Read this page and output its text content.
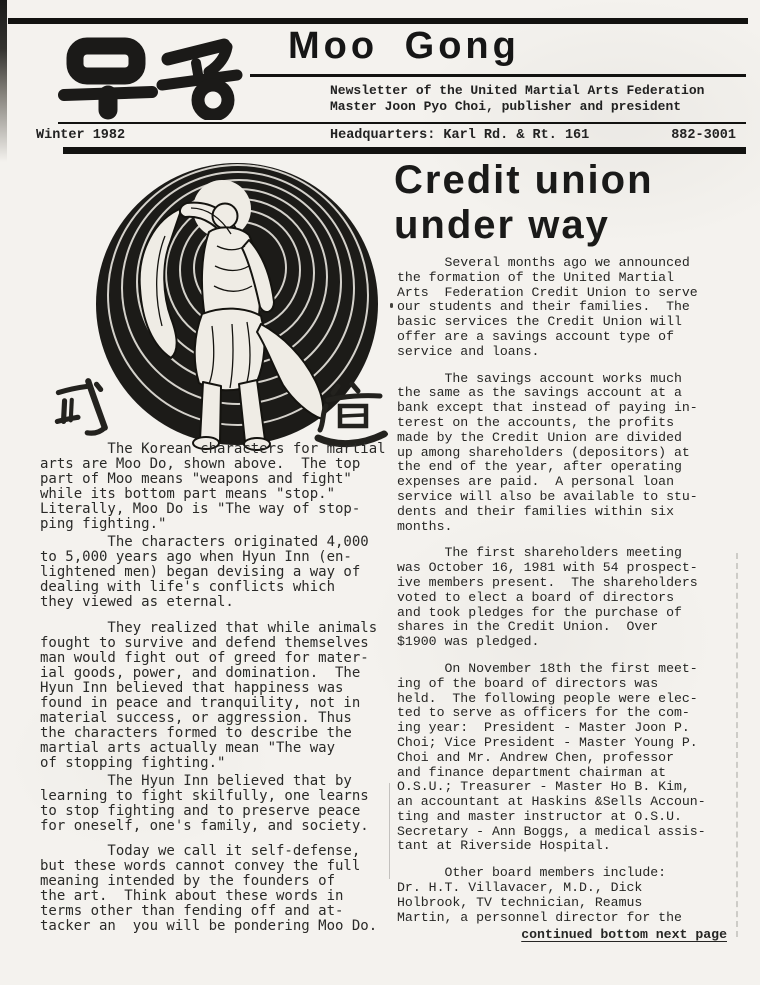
Moo Gong
Newsletter of the United Martial Arts Federation
Master Joon Pyo Choi, publisher and president
Winter 1982	Headquarters: Karl Rd. & Rt. 161	882-3001
Credit union
under way
Several months ago we announced
the formation of the United Martial
Arts  Federation Credit Union to serve
our students and their families.  The
basic services the Credit Union will
offer are a savings account type of
service and loans.
The savings account works much
the same as the savings account at a
bank except that instead of paying in-
terest on the accounts, the profits
made by the Credit Union are divided
up among shareholders (depositors) at
the end of the year, after operating
expenses are paid.  A personal loan
service will also be available to stu-
dents and their families within six
months.
The first shareholders meeting
was October 16, 1981 with 54 prospect-
ive members present.  The shareholders
voted to elect a board of directors
and took pledges for the purchase of
shares in the Credit Union.  Over
$1900 was pledged.
On November 18th the first meet-
ing of the board of directors was
held.  The following people were elec-
ted to serve as officers for the com-
ing year:  President - Master Joon P.
Choi; Vice President - Master Young P.
Choi and Mr. Andrew Chen, professor
and finance department chairman at
O.S.U.; Treasurer - Master Ho B. Kim,
an accountant at Haskins &Sells Accoun-
ting and master instructor at O.S.U.
Secretary - Ann Boggs, a medical assis-
tant at Riverside Hospital.
Other board members include:
Dr. H.T. Villavacer, M.D., Dick
Holbrook, TV technician, Reamus
Martin, a personnel director for the
continued bottom next page
The Korean characters for martial
arts are Moo Do, shown above.  The top
part of Moo means "weapons and fight"
while its bottom part means "stop."
Literally, Moo Do is "The way of stop-
ping fighting."
The characters originated 4,000
to 5,000 years ago when Hyun Inn (en-
lightened men) began devising a way of
dealing with life's conflicts which
they viewed as eternal.
They realized that while animals
fought to survive and defend themselves
man would fight out of greed for mater-
ial goods, power, and domination.  The
Hyun Inn believed that happiness was
found in peace and tranquility, not in
material success, or aggression. Thus
the characters formed to describe the
martial arts actually mean "The way
of stopping fighting."
The Hyun Inn believed that by
learning to fight skilfully, one learns
to stop fighting and to preserve peace
for oneself, one's family, and society.
Today we call it self-defense,
but these words cannot convey the full
meaning intended by the founders of
the art.  Think about these words in
terms other than fending off and at-
tacker an  you will be pondering Moo Do.
